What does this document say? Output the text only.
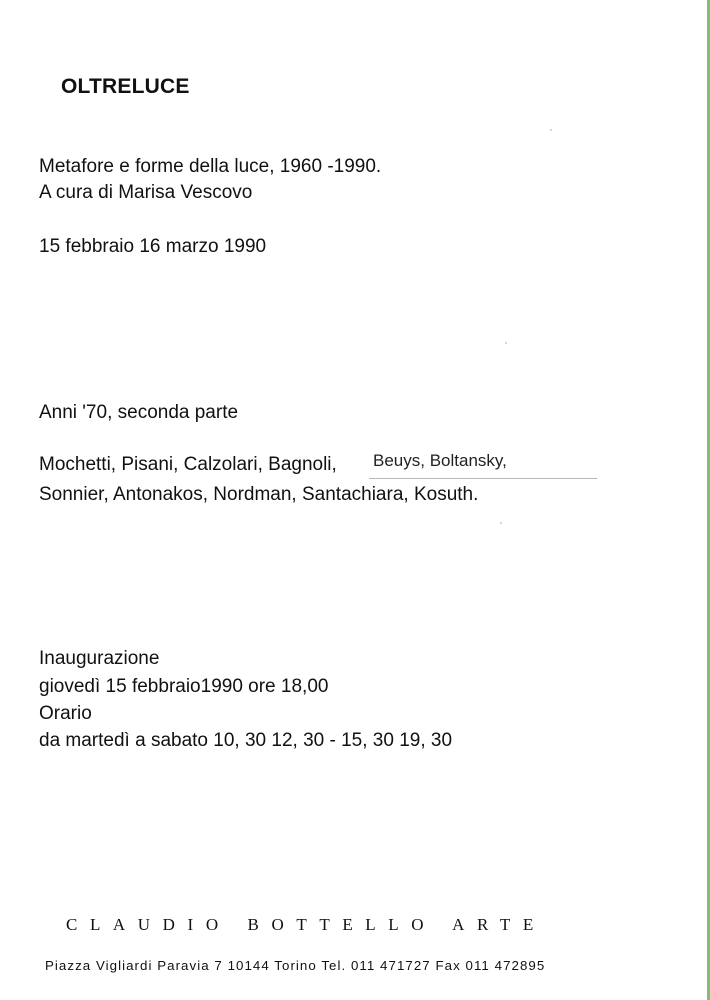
OLTRELUCE
Metafore e forme della luce, 1960 -1990.
A cura di Marisa Vescovo
15 febbraio 16 marzo 1990
Anni '70, seconda parte
Mochetti, Pisani, Calzolari, Bagnoli, Beuys, Boltansky,
Sonnier, Antonakos, Nordman, Santachiara, Kosuth.
Inaugurazione
giovedì 15 febbraio1990 ore 18,00
Orario
da martedì a sabato 10, 30 12, 30 - 15, 30 19, 30
CLAUDIO BOTTELLO ARTE
Piazza Vigliardi Paravia 7 10144 Torino Tel. 011 471727 Fax 011 472895
